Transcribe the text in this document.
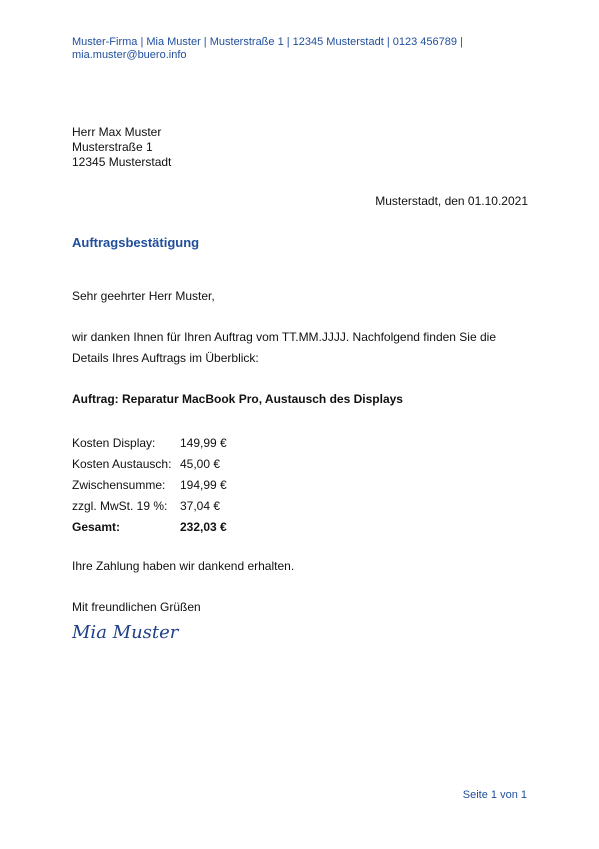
Muster-Firma | Mia Muster | Musterstraße 1 | 12345 Musterstadt | 0123 456789 |
mia.muster@buero.info
Herr Max Muster
Musterstraße 1
12345 Musterstadt
Musterstadt, den 01.10.2021
Auftragsbestätigung
Sehr geehrter Herr Muster,
wir danken Ihnen für Ihren Auftrag vom TT.MM.JJJJ. Nachfolgend finden Sie die
Details Ihres Auftrags im Überblick:
Auftrag: Reparatur MacBook Pro, Austausch des Displays
Kosten Display:	149,99 €
Kosten Austausch:	45,00 €
Zwischensumme:	194,99 €
zzgl. MwSt. 19 %:	37,04 €
Gesamt:	232,03 €
Ihre Zahlung haben wir dankend erhalten.
Mit freundlichen Grüßen
Mia Muster
Seite 1 von 1
